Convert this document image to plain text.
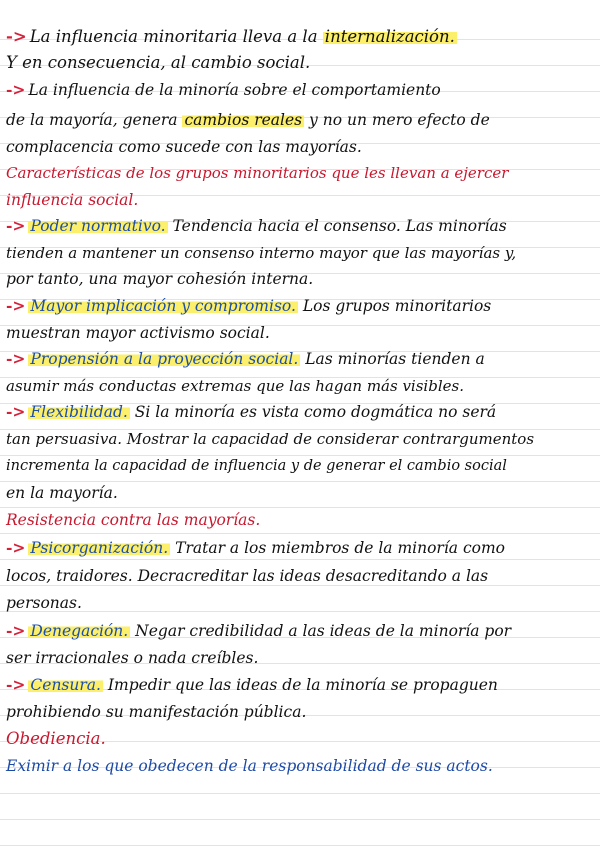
-> La influencia minoritaria lleva a la internalización.
Y en consecuencia, al cambio social.
-> La influencia de la minoría sobre el comportamiento
de la mayoría, genera cambios reales y no un mero efecto de
complacencia como sucede con las mayorías.
Características de los grupos minoritarios que les llevan a ejercer
influencia social.
-> Poder normativo. Tendencia hacia el consenso. Las minorías
tienden a mantener un consenso interno mayor que las mayorías y,
por tanto, una mayor cohesión interna.
-> Mayor implicación y compromiso. Los grupos minoritarios
muestran mayor activismo social.
-> Propensión a la proyección social. Las minorías tienden a
asumir más conductas extremas que las hagan más visibles.
-> Flexibilidad. Si la minoría es vista como dogmática no será
tan persuasiva. Mostrar la capacidad de considerar contrargumentos
incrementa la capacidad de influencia y de generar el cambio social
en la mayoría.
Resistencia contra las mayorías.
-> Psicorganización. Tratar a los miembros de la minoría como
locos, traidores. Decracreditar las ideas desacreditando a las
personas.
-> Denegación. Negar credibilidad a las ideas de la minoría por
ser irracionales o nada creíbles.
-> Censura. Impedir que las ideas de la minoría se propaguen
prohibiendo su manifestación pública.
Obediencia.
Eximir a los que obedecen de la responsabilidad de sus actos.
